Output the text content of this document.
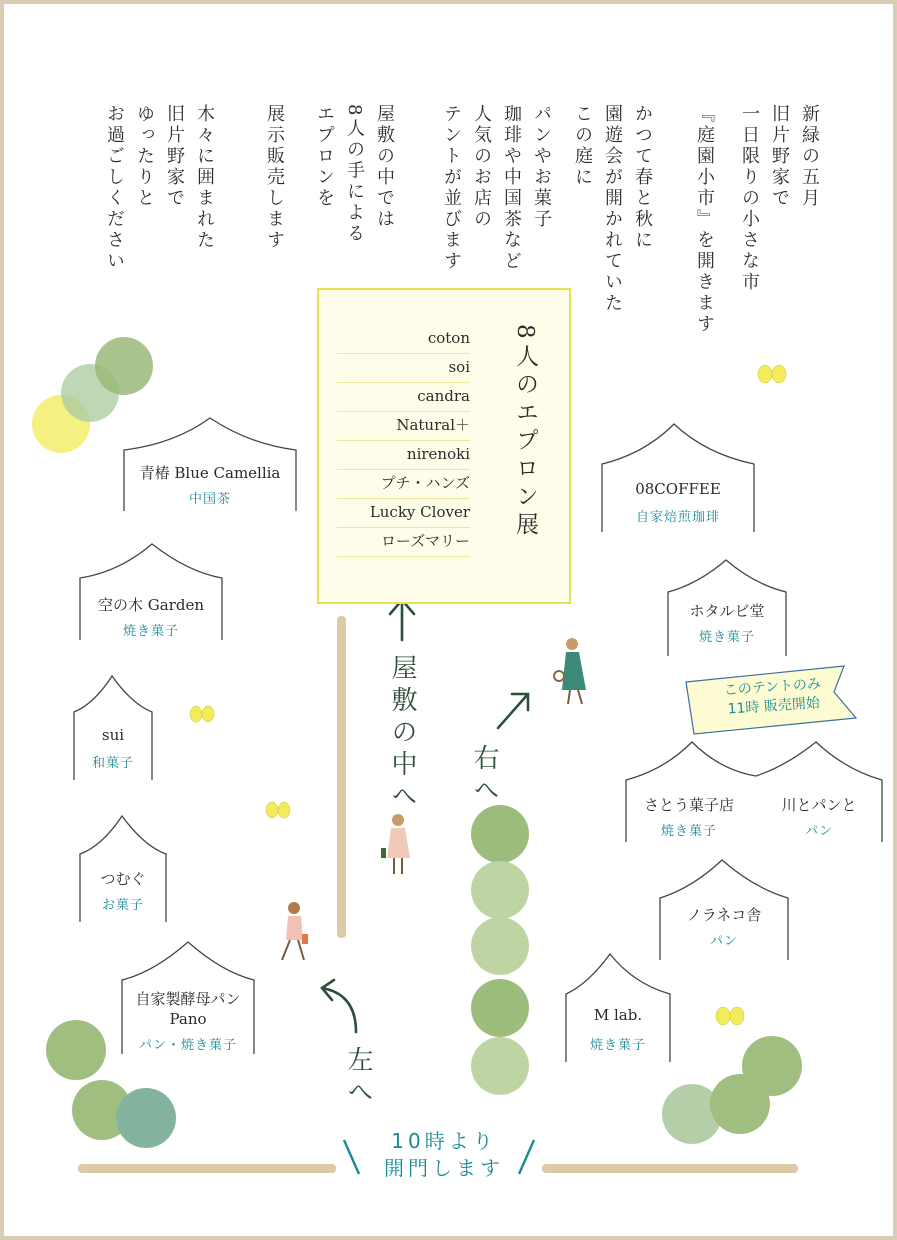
新緑の五月
旧片野家で
一日限りの小さな市
『庭園小市』を開きます
かつて春と秋に
園遊会が開かれていた
この庭に
パンやお菓子
珈琲や中国茶など
人気のお店の
テントが並びます
屋敷の中では
8人の手による
エプロンを
展示販売します
木々に囲まれた
旧片野家で
ゆったりと
お過ごしください
8人のエプロン展
coton
soi
candra
Natural＋
nirenoki
プチ・ハンズ
Lucky Clover
ローズマリー
屋敷の中へ 右へ
左へ
青椿 Blue Camellia
中国茶
空の木 Garden
焼き菓子
sui
和菓子
つむぐ
お菓子
自家製酵母パン
Pano
パン・焼き菓子
08COFFEE
自家焙煎珈琲
ホタルビ堂
焼き菓子
さとう菓子店
焼き菓子
川とパンと
パン
ノラネコ舎
パン
M lab.
焼き菓子
このテントのみ
11時 販売開始
10時より
開門します
